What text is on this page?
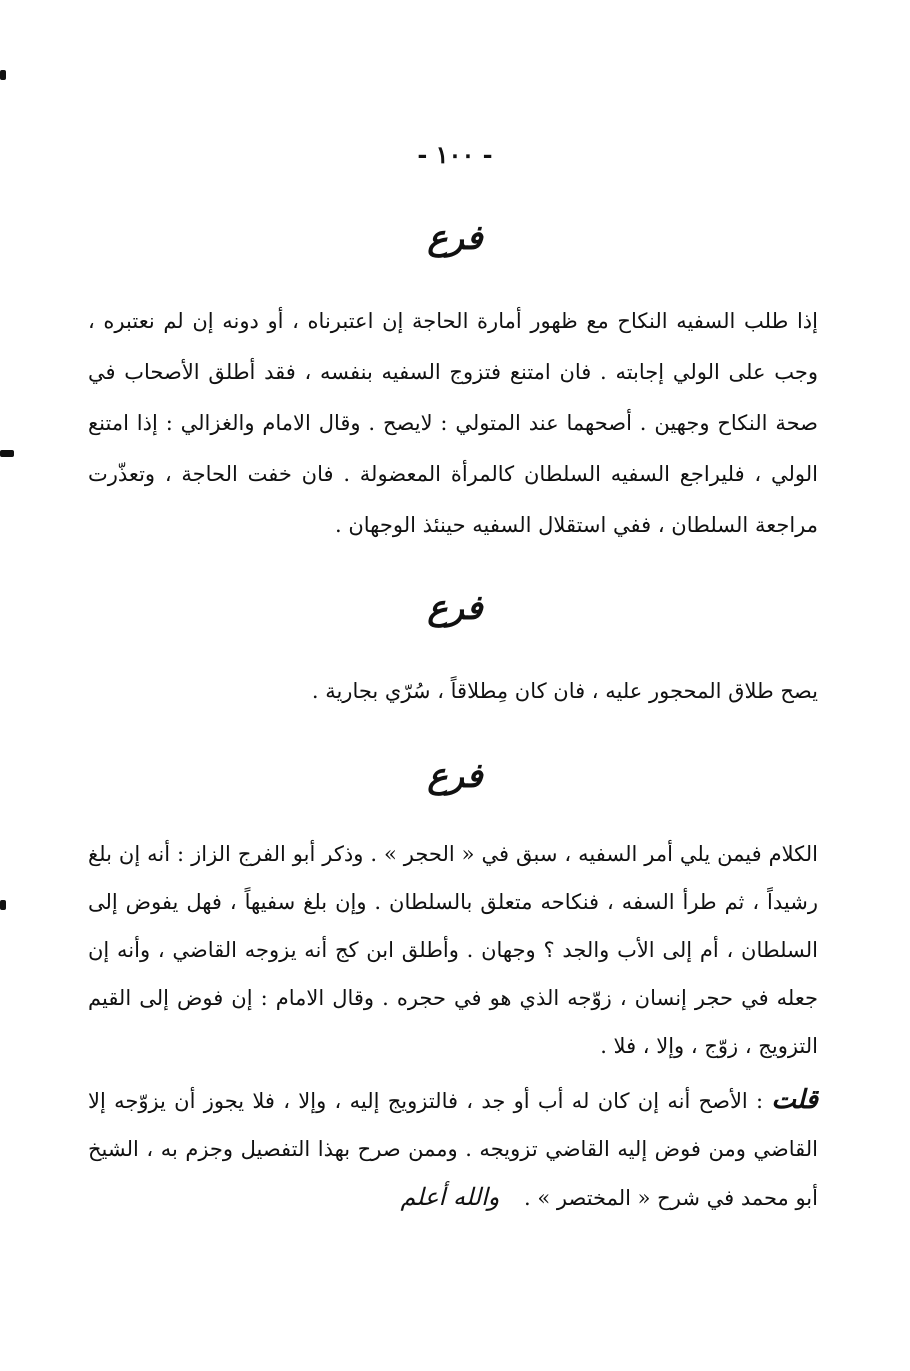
- ١٠٠ -
فرع

إذا طلب السفيه النكاح مع ظهور أمارة الحاجة إن اعتبرناه ، أو دونه إن لم نعتبره ، وجب على الولي إجابته . فان امتنع فتزوج السفيه بنفسه ، فقد أطلق الأصحاب في صحة النكاح وجهين . أصحهما عند المتولي : لايصح . وقال الامام والغزالي : إذا امتنع الولي ، فليراجع السفيه السلطان كالمرأة المعضولة . فان خفت الحاجة ، وتعذّرت مراجعة السلطان ، ففي استقلال السفيه حينئذ الوجهان .

فرع

يصح طلاق المحجور عليه ، فان كان مِطلاقاً ، سُرّي بجارية .

فرع

الكلام فيمن يلي أمر السفيه ، سبق في « الحجر » . وذكر أبو الفرج الزاز : أنه إن بلغ رشيداً ، ثم طرأ السفه ، فنكاحه متعلق بالسلطان . وإن بلغ سفيهاً ، فهل يفوض إلى السلطان ، أم إلى الأب والجد ؟ وجهان . وأطلق ابن كج أنه يزوجه القاضي ، وأنه إن جعله في حجر إنسان ، زوّجه الذي هو في حجره . وقال الامام : إن فوض إلى القيم التزويج ، زوّج ، وإلا ، فلا .

قلت : الأصح أنه إن كان له أب أو جد ، فالتزويج إليه ، وإلا ، فلا يجوز أن يزوّجه إلا القاضي ومن فوض إليه القاضي تزويجه . وممن صرح بهذا التفصيل وجزم به ، الشيخ أبو محمد في شرح « المختصر » . والله أعلم
